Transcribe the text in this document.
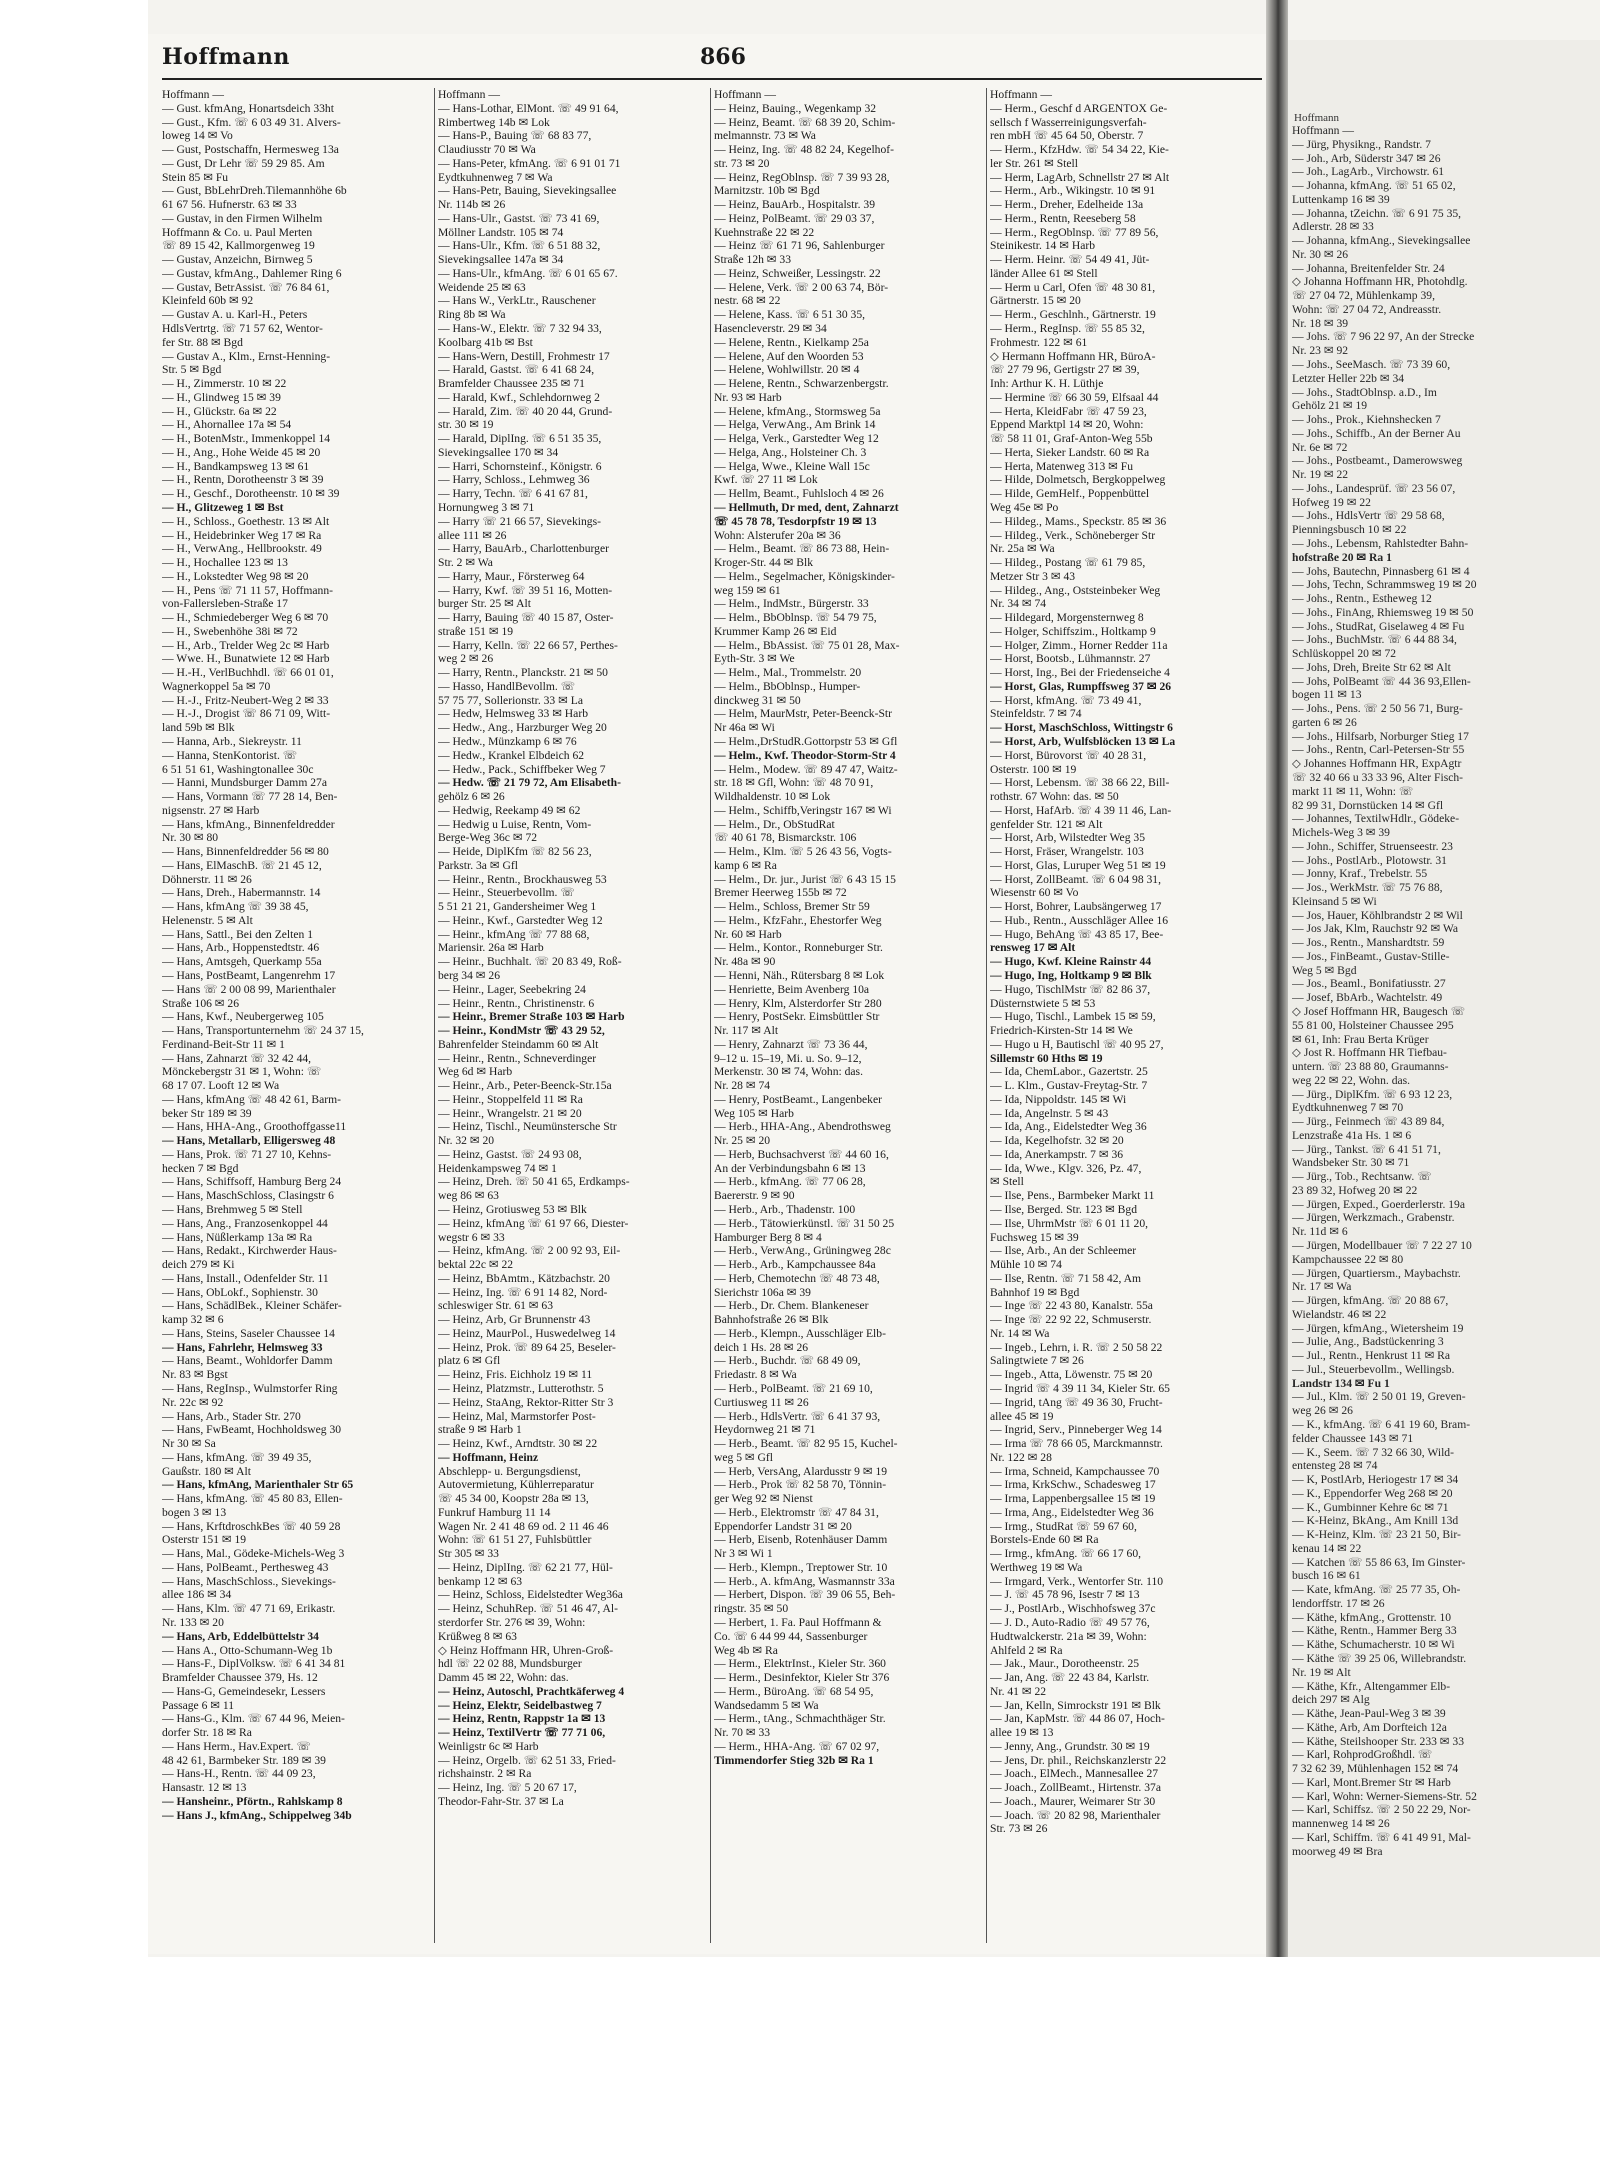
Hoffmann
Hoffmann —
— Jürg, Physikng., Randstr. 7
— Joh., Arb, Süderstr 347 ✉ 26
— Joh., LagArb., Virchowstr. 61
— Johanna, kfmAng. ☏ 51 65 02,
Luttenkamp 16 ✉ 39
— Johanna, tZeichn. ☏ 6 91 75 35,
Adlerstr. 28 ✉ 33
— Johanna, kfmAng., Sievekingsallee
Nr. 30 ✉ 26
— Johanna, Breitenfelder Str. 24
◇ Johanna Hoffmann HR, Photohdlg.
☏ 27 04 72, Mühlenkamp 39,
Wohn: ☏ 27 04 72, Andreasstr.
Nr. 18 ✉ 39
— Johs. ☏ 7 96 22 97, An der Strecke
Nr. 23 ✉ 92
— Johs., SeeMasch. ☏ 73 39 60,
Letzter Heller 22b ✉ 34
— Johs., StadtOblnsp. a.D., Im
Gehölz 21 ✉ 19
— Johs., Prok., Kiehnshecken 7
— Johs., Schiffb., An der Berner Au
Nr. 6e ✉ 72
— Johs., Postbeamt., Damerowsweg
Nr. 19 ✉ 22
— Johs., Landesprüf. ☏ 23 56 07,
Hofweg 19 ✉ 22
— Johs., HdlsVertr ☏ 29 58 68,
Pienningsbusch 10 ✉ 22
— Johs., Lebensm, Rahlstedter Bahn-
hofstraße 20 ✉ Ra 1
— Johs, Bautechn, Pinnasberg 61 ✉ 4
— Johs, Techn, Schrammsweg 19 ✉ 20
— Johs., Rentn., Estheweg 12
— Johs., FinAng, Rhiemsweg 19 ✉ 50
— Johs., StudRat, Giselaweg 4 ✉ Fu
— Johs., BuchMstr. ☏ 6 44 88 34,
Schlüskoppel 20 ✉ 72
— Johs, Dreh, Breite Str 62 ✉ Alt
— Johs, PolBeamt ☏ 44 36 93,Ellen-
bogen 11 ✉ 13
— Johs., Pens. ☏ 2 50 56 71, Burg-
garten 6 ✉ 26
— Johs., Hilfsarb, Norburger Stieg 17
— Johs., Rentn, Carl-Petersen-Str 55
◇ Johannes Hoffmann HR, ExpAgtr
☏ 32 40 66 u 33 33 96, Alter Fisch-
markt 11 ✉ 11, Wohn: ☏
82 99 31, Dornstücken 14 ✉ Gfl
— Johannes, TextilwHdlr., Gödeke-
Michels-Weg 3 ✉ 39
— John., Schiffer, Struenseestr. 23
— Johs., PostlArb., Plotowstr. 31
— Jonny, Kraf., Trebelstr. 55
— Jos., WerkMstr. ☏ 75 76 88,
Kleinsand 5 ✉ Wi
— Jos, Hauer, Köhlbrandstr 2 ✉ Wil
— Jos Jak, Klm, Rauchstr 92 ✉ Wa
— Jos., Rentn., Manshardtstr. 59
— Jos., FinBeamt., Gustav-Stille-
Weg 5 ✉ Bgd
— Jos., Beaml., Bonifatiusstr. 27
— Josef, BbArb., Wachtelstr. 49
◇ Josef Hoffmann HR, Baugesch ☏
55 81 00, Holsteiner Chaussee 295
✉ 61, Inh: Frau Berta Krüger
◇ Jost R. Hoffmann HR Tiefbau-
untern. ☏ 23 88 80, Graumanns-
weg 22 ✉ 22, Wohn. das.
— Jürg., DiplKfm. ☏ 6 93 12 23,
Eydtkuhnenweg 7 ✉ 70
— Jürg., Feinmech ☏ 43 89 84,
Lenzstraße 41a Hs. 1 ✉ 6
— Jürg., Tankst. ☏ 6 41 51 71,
Wandsbeker Str. 30 ✉ 71
— Jürg., Tob., Rechtsanw. ☏
23 89 32, Hofweg 20 ✉ 22
— Jürgen, Exped., Goerderlerstr. 19a
— Jürgen, Werkzmach., Grabenstr.
Nr. 11d ✉ 6
— Jürgen, Modellbauer ☏ 7 22 27 10
Kampchaussee 22 ✉ 80
— Jürgen, Quartiersm., Maybachstr.
Nr. 17 ✉ Wa
— Jürgen, kfmAng. ☏ 20 88 67,
Wielandstr. 46 ✉ 22
— Jürgen, kfmAng., Wietersheim 19
— Julie, Ang., Badstückenring 3
— Jul., Rentn., Henkrust 11 ✉ Ra
— Jul., Steuerbevollm., Wellingsb.
Landstr 134 ✉ Fu 1
— Jul., Klm. ☏ 2 50 01 19, Greven-
weg 26 ✉ 26
— K., kfmAng. ☏ 6 41 19 60, Bram-
felder Chaussee 143 ✉ 71
— K., Seem. ☏ 7 32 66 30, Wild-
entensteg 28 ✉ 74
— K, PostlArb, Heriogestr 17 ✉ 34
— K., Eppendorfer Weg 268 ✉ 20
— K., Gumbinner Kehre 6c ✉ 71
— K-Heinz, BkAng., Am Knill 13d
— K-Heinz, Klm. ☏ 23 21 50, Bir-
kenau 14 ✉ 22
— Katchen ☏ 55 86 63, Im Ginster-
busch 16 ✉ 61
— Kate, kfmAng. ☏ 25 77 35, Oh-
lendorffstr. 17 ✉ 26
— Käthe, kfmAng., Grottenstr. 10
— Käthe, Rentn., Hammer Berg 33
— Käthe, Schumacherstr. 10 ✉ Wi
— Käthe ☏ 39 25 06, Willebrandstr.
Nr. 19 ✉ Alt
— Käthe, Kfr., Altengammer Elb-
deich 297 ✉ Alg
— Käthe, Jean-Paul-Weg 3 ✉ 39
— Käthe, Arb, Am Dorfteich 12a
— Käthe, Steilshooper Str. 233 ✉ 33
— Karl, RohprodGroßhdl. ☏
7 32 62 39, Mühlenhagen 152 ✉ 74
— Karl, Mont.Bremer Str ✉ Harb
— Karl, Wohn: Werner-Siemens-Str. 52
— Karl, Schiffsz. ☏ 2 50 22 29, Nor-
mannenweg 14 ✉ 26
— Karl, Schiffm. ☏ 6 41 49 91, Mal-
moorweg 49 ✉ Bra
Hoffmann	866
Hoffmann —
— Gust. kfmAng, Honartsdeich 33ht
— Gust., Kfm. ☏ 6 03 49 31. Alvers-
loweg 14 ✉ Vo
— Gust, Postschaffn, Hermesweg 13a
— Gust, Dr Lehr ☏ 59 29 85. Am
Stein 85 ✉ Fu
— Gust, BbLehrDreh.Tilemannhöhe 6b
61 67 56. Hufnerstr. 63 ✉ 33
— Gustav, in den Firmen Wilhelm
Hoffmann & Co. u. Paul Merten
☏ 89 15 42, Kallmorgenweg 19
— Gustav, Anzeichn, Birnweg 5
— Gustav, kfmAng., Dahlemer Ring 6
— Gustav, BetrAssist. ☏ 76 84 61,
Kleinfeld 60b ✉ 92
— Gustav A. u. Karl-H., Peters
HdlsVertrtg. ☏ 71 57 62, Wentor-
fer Str. 88 ✉ Bgd
— Gustav A., Klm., Ernst-Henning-
Str. 5 ✉ Bgd
— H., Zimmerstr. 10 ✉ 22
— H., Glindweg 15 ✉ 39
— H., Glückstr. 6a ✉ 22
— H., Ahornallee 17a ✉ 54
— H., BotenMstr., Immenkoppel 14
— H., Ang., Hohe Weide 45 ✉ 20
— H., Bandkampsweg 13 ✉ 61
— H., Rentn, Dorotheenstr 3 ✉ 39
— H., Geschf., Dorotheenstr. 10 ✉ 39
— H., Glitzeweg 1 ✉ Bst
— H., Schloss., Goethestr. 13 ✉ Alt
— H., Heidebrinker Weg 17 ✉ Ra
— H., VerwAng., Hellbrookstr. 49
— H., Hochallee 123 ✉ 13
— H., Lokstedter Weg 98 ✉ 20
— H., Pens ☏ 71 11 57, Hoffmann-
von-Fallersleben-Straße 17
— H., Schmiedeberger Weg 6 ✉ 70
— H., Swebenhöhe 38i ✉ 72
— H., Arb., Trelder Weg 2c ✉ Harb
— Wwe. H., Bunatwiete 12 ✉ Harb
— H.-H., VerlBuchhdl. ☏ 66 01 01,
Wagnerkoppel 5a ✉ 70
— H.-J., Fritz-Neubert-Weg 2 ✉ 33
— H.-J., Drogist ☏ 86 71 09, Witt-
land 59b ✉ Blk
— Hanna, Arb., Siekreystr. 11
— Hanna, StenKontorist. ☏
6 51 51 61, Washingtonallee 30c
— Hanni, Mundsburger Damm 27a
— Hans, Vormann ☏ 77 28 14, Ben-
nigsenstr. 27 ✉ Harb
— Hans, kfmAng., Binnenfeldredder
Nr. 30 ✉ 80
— Hans, Binnenfeldredder 56 ✉ 80
— Hans, ElMaschB. ☏ 21 45 12,
Döhnerstr. 11 ✉ 26
— Hans, Dreh., Habermannstr. 14
— Hans, kfmAng ☏ 39 38 45,
Helenenstr. 5 ✉ Alt
— Hans, Sattl., Bei den Zelten 1
— Hans, Arb., Hoppenstedtstr. 46
— Hans, Amtsgeh, Querkamp 55a
— Hans, PostBeamt, Langenrehm 17
— Hans ☏ 2 00 08 99, Marienthaler
Straße 106 ✉ 26
— Hans, Kwf., Neubergerweg 105
— Hans, Transportunternehm ☏ 24 37 15,
Ferdinand-Beit-Str 11 ✉ 1
— Hans, Zahnarzt ☏ 32 42 44,
Mönckebergstr 31 ✉ 1, Wohn: ☏
68 17 07. Looft 12 ✉ Wa
— Hans, kfmAng ☏ 48 42 61, Barm-
beker Str 189 ✉ 39
— Hans, HHA-Ang., Groothoffgasse11
— Hans, Metallarb, Elligersweg 48
— Hans, Prok. ☏ 71 27 10, Kehns-
hecken 7 ✉ Bgd
— Hans, Schiffsoff, Hamburg Berg 24
— Hans, MaschSchloss, Clasingstr 6
— Hans, Brehmweg 5 ✉ Stell
— Hans, Ang., Franzosenkoppel 44
— Hans, Nüßlerkamp 13a ✉ Ra
— Hans, Redakt., Kirchwerder Haus-
deich 279 ✉ Ki
— Hans, Install., Odenfelder Str. 11
— Hans, ObLokf., Sophienstr. 30
— Hans, SchädlBek., Kleiner Schäfer-
kamp 32 ✉ 6
— Hans, Steins, Saseler Chaussee 14
— Hans, Fahrlehr, Helmsweg 33
— Hans, Beamt., Wohldorfer Damm
Nr. 83 ✉ Bgst
— Hans, RegInsp., Wulmstorfer Ring
Nr. 22c ✉ 92
— Hans, Arb., Stader Str. 270
— Hans, FwBeamt, Hochholdsweg 30
Nr 30 ✉ Sa
— Hans, kfmAng. ☏ 39 49 35,
Gaußstr. 180 ✉ Alt
— Hans, kfmAng, Marienthaler Str 65
— Hans, kfmAng. ☏ 45 80 83, Ellen-
bogen 3 ✉ 13
— Hans, KrftdroschkBes ☏ 40 59 28
Osterstr 151 ✉ 19
— Hans, Mal., Gödeke-Michels-Weg 3
— Hans, PolBeamt., Perthesweg 43
— Hans, MaschSchloss., Sievekings-
allee 186 ✉ 34
— Hans, Klm. ☏ 47 71 69, Erikastr.
Nr. 133 ✉ 20
— Hans, Arb, Eddelbüttelstr 34
— Hans A., Otto-Schumann-Weg 1b
— Hans-F., DiplVolksw. ☏ 6 41 34 81
Bramfelder Chaussee 379, Hs. 12
— Hans-G, Gemeindesekr, Lessers
Passage 6 ✉ 11
— Hans-G., Klm. ☏ 67 44 96, Meien-
dorfer Str. 18 ✉ Ra
— Hans Herm., Hav.Expert. ☏
48 42 61, Barmbeker Str. 189 ✉ 39
— Hans-H., Rentn. ☏ 44 09 23,
Hansastr. 12 ✉ 13
— Hansheinr., Pförtn., Rahlskamp 8
— Hans J., kfmAng., Schippelweg 34b
Hoffmann —
— Hans-Lothar, ElMont. ☏ 49 91 64,
Rimbertweg 14b ✉ Lok
— Hans-P., Bauing ☏ 68 83 77,
Claudiusstr 70 ✉ Wa
— Hans-Peter, kfmAng. ☏ 6 91 01 71
Eydtkuhnenweg 7 ✉ Wa
— Hans-Petr, Bauing, Sievekingsallee
Nr. 114b ✉ 26
— Hans-Ulr., Gastst. ☏ 73 41 69,
Möllner Landstr. 105 ✉ 74
— Hans-Ulr., Kfm. ☏ 6 51 88 32,
Sievekingsallee 147a ✉ 34
— Hans-Ulr., kfmAng. ☏ 6 01 65 67.
Weidende 25 ✉ 63
— Hans W., VerkLtr., Rauschener
Ring 8b ✉ Wa
— Hans-W., Elektr. ☏ 7 32 94 33,
Koolbarg 41b ✉ Bst
— Hans-Wern, Destill, Frohmestr 17
— Harald, Gastst. ☏ 6 41 68 24,
Bramfelder Chaussee 235 ✉ 71
— Harald, Kwf., Schlehdornweg 2
— Harald, Zim. ☏ 40 20 44, Grund-
str. 30 ✉ 19
— Harald, DiplIng. ☏ 6 51 35 35,
Sievekingsallee 170 ✉ 34
— Harri, Schornsteinf., Königstr. 6
— Harry, Schloss., Lehmweg 36
— Harry, Techn. ☏ 6 41 67 81,
Hornungweg 3 ✉ 71
— Harry ☏ 21 66 57, Sievekings-
allee 111 ✉ 26
— Harry, BauArb., Charlottenburger
Str. 2 ✉ Wa
— Harry, Maur., Försterweg 64
— Harry, Kwf. ☏ 39 51 16, Motten-
burger Str. 25 ✉ Alt
— Harry, Bauing ☏ 40 15 87, Oster-
straße 151 ✉ 19
— Harry, Kelln. ☏ 22 66 57, Perthes-
weg 2 ✉ 26
— Harry, Rentn., Planckstr. 21 ✉ 50
— Hasso, HandlBevollm. ☏
57 75 77, Sollerionstr. 33 ✉ La
— Hedw, Helmsweg 33 ✉ Harb
— Hedw., Ang., Harzburger Weg 20
— Hedw., Münzkamp 6 ✉ 76
— Hedw., Krankel Elbdeich 62
— Hedw., Pack., Schiffbeker Weg 7
— Hedw. ☏ 21 79 72, Am Elisabeth-
gehölz 6 ✉ 26
— Hedwig, Reekamp 49 ✉ 62
— Hedwig u Luise, Rentn, Vom-
Berge-Weg 36c ✉ 72
— Heide, DiplKfm ☏ 82 56 23,
Parkstr. 3a ✉ Gfl
— Heinr., Rentn., Brockhausweg 53
— Heinr., Steuerbevollm. ☏
5 51 21 21, Gandersheimer Weg 1
— Heinr., Kwf., Garstedter Weg 12
— Heinr., kfmAng ☏ 77 88 68,
Mariensir. 26a ✉ Harb
— Heinr., Buchhalt. ☏ 20 83 49, Roß-
berg 34 ✉ 26
— Heinr., Lager, Seebekring 24
— Heinr., Rentn., Christinenstr. 6
— Heinr., Bremer Straße 103 ✉ Harb
— Heinr., KondMstr ☏ 43 29 52,
Bahrenfelder Steindamm 60 ✉ Alt
— Heinr., Rentn., Schneverdinger
Weg 6d ✉ Harb
— Heinr., Arb., Peter-Beenck-Str.15a
— Heinr., Stoppelfeld 11 ✉ Ra
— Heinr., Wrangelstr. 21 ✉ 20
— Heinz, Tischl., Neumünstersche Str
Nr. 32 ✉ 20
— Heinz, Gastst. ☏ 24 93 08,
Heidenkampsweg 74 ✉ 1
— Heinz, Dreh. ☏ 50 41 65, Erdkamps-
weg 86 ✉ 63
— Heinz, Grotiusweg 53 ✉ Blk
— Heinz, kfmAng ☏ 61 97 66, Diester-
wegstr 6 ✉ 33
— Heinz, kfmAng. ☏ 2 00 92 93, Eil-
bektal 22c ✉ 22
— Heinz, BbAmtm., Kätzbachstr. 20
— Heinz, Ing. ☏ 6 91 14 82, Nord-
schleswiger Str. 61 ✉ 63
— Heinz, Arb, Gr Brunnenstr 43
— Heinz, MaurPol., Huswedelweg 14
— Heinz, Prok. ☏ 89 64 25, Beseler-
platz 6 ✉ Gfl
— Heinz, Fris. Eichholz 19 ✉ 11
— Heinz, Platzmstr., Lutterothstr. 5
— Heinz, StaAng, Rektor-Ritter Str 3
— Heinz, Mal, Marmstorfer Post-
straße 9 ✉ Harb 1
— Heinz, Kwf., Arndtstr. 30 ✉ 22
— Hoffmann, Heinz
Abschlepp- u. Bergungsdienst,
Autovermietung, Kühlerreparatur
☏ 45 34 00, Koopstr 28a ✉ 13,
Funkruf Hamburg 11 14
Wagen Nr. 2 41 48 69 od. 2 11 46 46
Wohn: ☏ 61 51 27, Fuhlsbüttler
Str 305 ✉ 33
— Heinz, DiplIng. ☏ 62 21 77, Hül-
benkamp 12 ✉ 63
— Heinz, Schloss, Eidelstedter Weg36a
— Heinz, SchuhRep. ☏ 51 46 47, Al-
sterdorfer Str. 276 ✉ 39, Wohn:
Krüßweg 8 ✉ 63
◇ Heinz Hoffmann HR, Uhren-Groß-
hdl ☏ 22 02 88, Mundsburger
Damm 45 ✉ 22, Wohn: das.
— Heinz, Autoschl, Prachtkäferweg 4
— Heinz, Elektr, Seidelbastweg 7
— Heinz, Rentn, Rappstr 1a ✉ 13
— Heinz, TextilVertr ☏ 77 71 06,
Weinligstr 6c ✉ Harb
— Heinz, Orgelb. ☏ 62 51 33, Fried-
richshainstr. 2 ✉ Ra
— Heinz, Ing. ☏ 5 20 67 17,
Theodor-Fahr-Str. 37 ✉ La
Hoffmann —
— Heinz, Bauing., Wegenkamp 32
— Heinz, Beamt. ☏ 68 39 20, Schim-
melmannstr. 73 ✉ Wa
— Heinz, Ing. ☏ 48 82 24, Kegelhof-
str. 73 ✉ 20
— Heinz, RegOblnsp. ☏ 7 39 93 28,
Marnitzstr. 10b ✉ Bgd
— Heinz, BauArb., Hospitalstr. 39
— Heinz, PolBeamt. ☏ 29 03 37,
Kuehnstraße 22 ✉ 22
— Heinz ☏ 61 71 96, Sahlenburger
Straße 12h ✉ 33
— Heinz, Schweißer, Lessingstr. 22
— Helene, Verk. ☏ 2 00 63 74, Bör-
nestr. 68 ✉ 22
— Helene, Kass. ☏ 6 51 30 35,
Hasencleverstr. 29 ✉ 34
— Helene, Rentn., Kielkamp 25a
— Helene, Auf den Woorden 53
— Helene, Wohlwillstr. 20 ✉ 4
— Helene, Rentn., Schwarzenbergstr.
Nr. 93 ✉ Harb
— Helene, kfmAng., Stormsweg 5a
— Helga, VerwAng., Am Brink 14
— Helga, Verk., Garstedter Weg 12
— Helga, Ang., Holsteiner Ch. 3
— Helga, Wwe., Kleine Wall 15c
Kwf. ☏ 27 11 ✉ Lok
— Hellm, Beamt., Fuhlsloch 4 ✉ 26
— Hellmuth, Dr med, dent, Zahnarzt
☏ 45 78 78, Tesdorpfstr 19 ✉ 13
Wohn: Alsterufer 20a ✉ 36
— Helm., Beamt. ☏ 86 73 88, Hein-
Kroger-Str. 44 ✉ Blk
— Helm., Segelmacher, Königskinder-
weg 159 ✉ 61
— Helm., IndMstr., Bürgerstr. 33
— Helm., BbOblnsp. ☏ 54 79 75,
Krummer Kamp 26 ✉ Eid
— Helm., BbAssist. ☏ 75 01 28, Max-
Eyth-Str. 3 ✉ We
— Helm., Mal., Trommelstr. 20
— Helm., BbOblnsp., Humper-
dinckweg 31 ✉ 50
— Helm, MaurMstr, Peter-Beenck-Str
Nr 46a ✉ Wi
— Helm.,DrStudR.Gottorpstr 53 ✉ Gfl
— Helm., Kwf. Theodor-Storm-Str 4
— Helm., Modew. ☏ 89 47 47, Waitz-
str. 18 ✉ Gfl, Wohn: ☏ 48 70 91,
Wildhaldenstr. 10 ✉ Lok
— Helm., Schiffb,Veringstr 167 ✉ Wi
— Helm., Dr., ObStudRat
☏ 40 61 78, Bismarckstr. 106
— Helm., Klm. ☏ 5 26 43 56, Vogts-
kamp 6 ✉ Ra
— Helm., Dr. jur., Jurist ☏ 6 43 15 15
Bremer Heerweg 155b ✉ 72
— Helm., Schloss, Bremer Str 59
— Helm., KfzFahr., Ehestorfer Weg
Nr. 60 ✉ Harb
— Helm., Kontor., Ronneburger Str.
Nr. 48a ✉ 90
— Henni, Näh., Rütersbarg 8 ✉ Lok
— Henriette, Beim Avenberg 10a
— Henry, Klm, Alsterdorfer Str 280
— Henry, PostSekr. Eimsbüttler Str
Nr. 117 ✉ Alt
— Henry, Zahnarzt ☏ 73 36 44,
9–12 u. 15–19, Mi. u. So. 9–12,
Merkenstr. 30 ✉ 74, Wohn: das.
Nr. 28 ✉ 74
— Henry, PostBeamt., Langenbeker
Weg 105 ✉ Harb
— Herb., HHA-Ang., Abendrothsweg
Nr. 25 ✉ 20
— Herb, Buchsachverst ☏ 44 60 16,
An der Verbindungsbahn 6 ✉ 13
— Herb., kfmAng. ☏ 77 06 28,
Baererstr. 9 ✉ 90
— Herb., Arb., Thadenstr. 100
— Herb., Tätowierkünstl. ☏ 31 50 25
Hamburger Berg 8 ✉ 4
— Herb., VerwAng., Grüningweg 28c
— Herb., Arb., Kampchaussee 84a
— Herb, Chemotechn ☏ 48 73 48,
Sierichstr 106a ✉ 39
— Herb., Dr. Chem. Blankeneser
Bahnhofstraße 26 ✉ Blk
— Herb., Klempn., Ausschläger Elb-
deich 1 Hs. 28 ✉ 26
— Herb., Buchdr. ☏ 68 49 09,
Friedastr. 8 ✉ Wa
— Herb., PolBeamt. ☏ 21 69 10,
Curtiusweg 11 ✉ 26
— Herb., HdlsVertr. ☏ 6 41 37 93,
Heydornweg 21 ✉ 71
— Herb., Beamt. ☏ 82 95 15, Kuchel-
weg 5 ✉ Gfl
— Herb, VersAng, Alardusstr 9 ✉ 19
— Herb., Prok ☏ 82 58 70, Tönnin-
ger Weg 92 ✉ Nienst
— Herb., Elektromstr ☏ 47 84 31,
Eppendorfer Landstr 31 ✉ 20
— Herb, Eisenb, Rotenhäuser Damm
Nr 3 ✉ Wi 1
— Herb., Klempn., Treptower Str. 10
— Herb., A. kfmAng, Wasmannstr 33a
— Herbert, Dispon. ☏ 39 06 55, Beh-
ringstr. 35 ✉ 50
— Herbert, 1. Fa. Paul Hoffmann &
Co. ☏ 6 44 99 44, Sassenburger
Weg 4b ✉ Ra
— Herm., ElektrInst., Kieler Str. 360
— Herm., Desinfektor, Kieler Str 376
— Herm., BüroAng. ☏ 68 54 95,
Wandsedamm 5 ✉ Wa
— Herm., tAng., Schmachthäger Str.
Nr. 70 ✉ 33
— Herm., HHA-Ang. ☏ 67 02 97,
Timmendorfer Stieg 32b ✉ Ra 1
Hoffmann —
— Herm., Geschf d ARGENTOX Ge-
sellsch f Wasserreinigungsverfah-
ren mbH ☏ 45 64 50, Oberstr. 7
— Herm., KfzHdw. ☏ 54 34 22, Kie-
ler Str. 261 ✉ Stell
— Herm, LagArb, Schnellstr 27 ✉ Alt
— Herm., Arb., Wikingstr. 10 ✉ 91
— Herm., Dreher, Edelheide 13a
— Herm., Rentn, Reeseberg 58
— Herm., RegOblnsp. ☏ 77 89 56,
Steinikestr. 14 ✉ Harb
— Herm. Heinr. ☏ 54 49 41, Jüt-
länder Allee 61 ✉ Stell
— Herm u Carl, Ofen ☏ 48 30 81,
Gärtnerstr. 15 ✉ 20
— Herm., Geschlnh., Gärtnerstr. 19
— Herm., RegInsp. ☏ 55 85 32,
Frohmestr. 122 ✉ 61
◇ Hermann Hoffmann HR, BüroA-
☏ 27 79 96, Gertigstr 27 ✉ 39,
Inh: Arthur K. H. Lüthje
— Hermine ☏ 66 30 59, Elfsaal 44
— Herta, KleidFabr ☏ 47 59 23,
Eppend Marktpl 14 ✉ 20, Wohn:
☏ 58 11 01, Graf-Anton-Weg 55b
— Herta, Sieker Landstr. 60 ✉ Ra
— Herta, Matenweg 313 ✉ Fu
— Hilde, Dolmetsch, Bergkoppelweg
— Hilde, GemHelf., Poppenbüttel
Weg 45e ✉ Po
— Hildeg., Mams., Speckstr. 85 ✉ 36
— Hildeg., Verk., Schöneberger Str
Nr. 25a ✉ Wa
— Hildeg., Postang ☏ 61 79 85,
Metzer Str 3 ✉ 43
— Hildeg., Ang., Oststeinbeker Weg
Nr. 34 ✉ 74
— Hildegard, Morgensternweg 8
— Holger, Schiffszim., Holtkamp 9
— Holger, Zimm., Horner Redder 11a
— Horst, Bootsb., Lühmannstr. 27
— Horst, Ing., Bei der Friedenseiche 4
— Horst, Glas, Rumpffsweg 37 ✉ 26
— Horst, kfmAng. ☏ 73 49 41,
Steinfeldstr. 7 ✉ 74
— Horst, MaschSchloss, Wittingstr 6
— Horst, Arb, Wulfsblöcken 13 ✉ La
— Horst, Bürovorst ☏ 40 28 31,
Osterstr. 100 ✉ 19
— Horst, Lebensm. ☏ 38 66 22, Bill-
rothstr. 67 Wohn: das. ✉ 50
— Horst, HafArb. ☏ 4 39 11 46, Lan-
genfelder Str. 121 ✉ Alt
— Horst, Arb, Wilstedter Weg 35
— Horst, Fräser, Wrangelstr. 103
— Horst, Glas, Luruper Weg 51 ✉ 19
— Horst, ZollBeamt. ☏ 6 04 98 31,
Wiesenstr 60 ✉ Vo
— Horst, Bohrer, Laubsängerweg 17
— Hub., Rentn., Ausschläger Allee 16
— Hugo, BehAng ☏ 43 85 17, Bee-
rensweg 17 ✉ Alt
— Hugo, Kwf. Kleine Rainstr 44
— Hugo, Ing, Holtkamp 9 ✉ Blk
— Hugo, TischlMstr ☏ 82 86 37,
Düsternstwiete 5 ✉ 53
— Hugo, Tischl., Lambek 15 ✉ 59,
Friedrich-Kirsten-Str 14 ✉ We
— Hugo u H, Bautischl ☏ 40 95 27,
Sillemstr 60 Hths ✉ 19
— Ida, ChemLabor., Gazertstr. 25
— L. Klm., Gustav-Freytag-Str. 7
— Ida, Nippoldstr. 145 ✉ Wi
— Ida, Angelnstr. 5 ✉ 43
— Ida, Ang., Eidelstedter Weg 36
— Ida, Kegelhofstr. 32 ✉ 20
— Ida, Anerkampstr. 7 ✉ 36
— Ida, Wwe., Klgv. 326, Pz. 47,
✉ Stell
— Ilse, Pens., Barmbeker Markt 11
— Ilse, Berged. Str. 123 ✉ Bgd
— Ilse, UhrmMstr ☏ 6 01 11 20,
Fuchsweg 15 ✉ 39
— Ilse, Arb., An der Schleemer
Mühle 10 ✉ 74
— Ilse, Rentn. ☏ 71 58 42, Am
Bahnhof 19 ✉ Bgd
— Inge ☏ 22 43 80, Kanalstr. 55a
— Inge ☏ 22 92 22, Schmuserstr.
Nr. 14 ✉ Wa
— Ingeb., Lehrn, i. R. ☏ 2 50 58 22
Salingtwiete 7 ✉ 26
— Ingeb., Atta, Löwenstr. 75 ✉ 20
— Ingrid ☏ 4 39 11 34, Kieler Str. 65
— Ingrid, tAng ☏ 49 36 30, Frucht-
allee 45 ✉ 19
— Ingrid, Serv., Pinneberger Weg 14
— Irma ☏ 78 66 05, Marckmannstr.
Nr. 122 ✉ 28
— Irma, Schneid, Kampchaussee 70
— Irma, KrkSchw., Schadesweg 17
— Irma, Lappenbergsallee 15 ✉ 19
— Irma, Ang., Eidelstedter Weg 36
— Irmg., StudRat ☏ 59 67 60,
Borstels-Ende 60 ✉ Ra
— Irmg., kfmAng. ☏ 66 17 60,
Werthweg 19 ✉ Wa
— Irmgard, Verk., Wentorfer Str. 110
— J. ☏ 45 78 96, Isestr 7 ✉ 13
— J., PostlArb., Wischhofsweg 37c
— J. D., Auto-Radio ☏ 49 57 76,
Hudtwalckerstr. 21a ✉ 39, Wohn:
Ahlfeld 2 ✉ Ra
— Jak., Maur., Dorotheenstr. 25
— Jan, Ang. ☏ 22 43 84, Karlstr.
Nr. 41 ✉ 22
— Jan, Kelln, Simrockstr 191 ✉ Blk
— Jan, KapMstr. ☏ 44 86 07, Hoch-
allee 19 ✉ 13
— Jenny, Ang., Grundstr. 30 ✉ 19
— Jens, Dr. phil., Reichskanzlerstr 22
— Joach., ElMech., Mannesallee 27
— Joach., ZollBeamt., Hirtenstr. 37a
— Joach., Maurer, Weimarer Str 30
— Joach. ☏ 20 82 98, Marienthaler
Str. 73 ✉ 26
